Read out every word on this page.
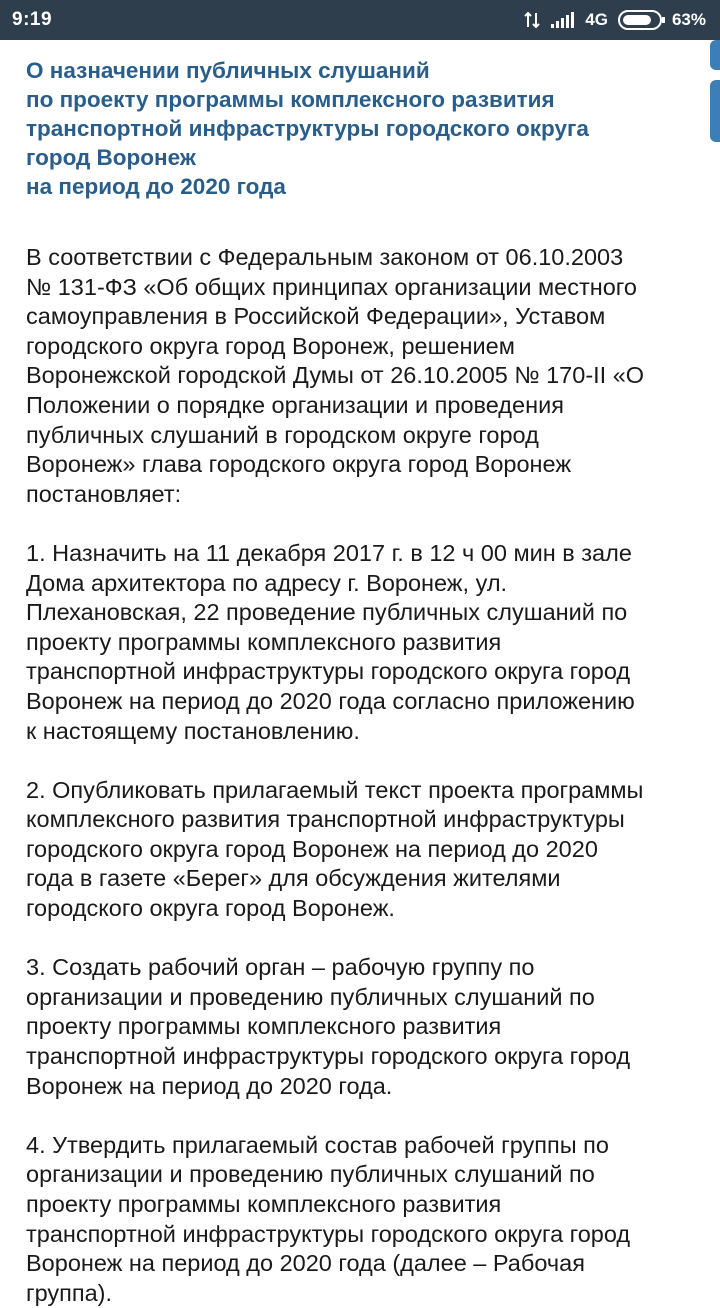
9:19	4G	63%
О назначении публичных слушаний
по проекту программы комплексного развития
транспортной инфраструктуры городского округа
город Воронеж
на период до 2020 года

В соответствии с Федеральным законом от 06.10.2003 № 131-ФЗ «Об общих принципах организации местного самоуправления в Российской Федерации», Уставом городского округа город Воронеж, решением Воронежской городской Думы от 26.10.2005 № 170-II «О Положении о порядке организации и проведения публичных слушаний в городском округе город Воронеж» глава городского округа город Воронеж постановляет:

1. Назначить на 11 декабря 2017 г. в 12 ч 00 мин в зале Дома архитектора по адресу г. Воронеж, ул. Плехановская, 22 проведение публичных слушаний по проекту программы комплексного развития транспортной инфраструктуры городского округа город Воронеж на период до 2020 года согласно приложению к настоящему постановлению.

2. Опубликовать прилагаемый текст проекта программы комплексного развития транспортной инфраструктуры городского округа город Воронеж на период до 2020 года в газете «Берег» для обсуждения жителями городского округа город Воронеж.

3. Создать рабочий орган – рабочую группу по организации и проведению публичных слушаний по проекту программы комплексного развития транспортной инфраструктуры городского округа город Воронеж на период до 2020 года.

4. Утвердить прилагаемый состав рабочей группы по организации и проведению публичных слушаний по проекту программы комплексного развития транспортной инфраструктуры городского округа город Воронеж на период до 2020 года (далее – Рабочая группа).
